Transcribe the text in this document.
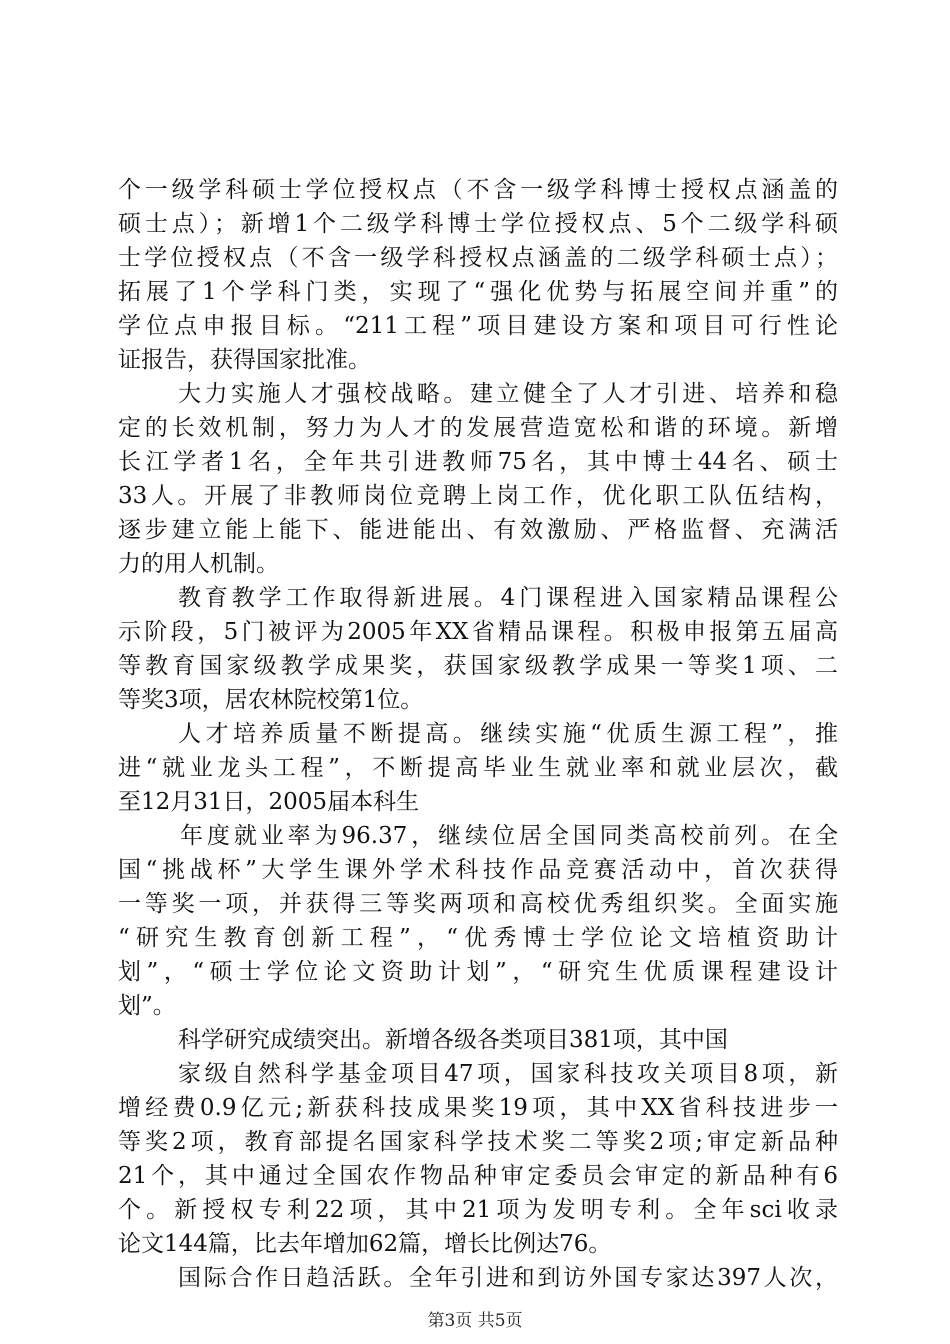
个一级学科硕士学位授权点（不含一级学科博士授权点涵盖的
硕士点）；新增1个二级学科博士学位授权点、5个二级学科硕
士学位授权点（不含一级学科授权点涵盖的二级学科硕士点）；
拓展了1个学科门类，实现了“强化优势与拓展空间并重”的
学位点申报目标。“211工程”项目建设方案和项目可行性论
证报告，获得国家批准。
大力实施人才强校战略。建立健全了人才引进、培养和稳
定的长效机制，努力为人才的发展营造宽松和谐的环境。新增
长江学者1名，全年共引进教师75名，其中博士44名、硕士
33人。开展了非教师岗位竞聘上岗工作，优化职工队伍结构，
逐步建立能上能下、能进能出、有效激励、严格监督、充满活
力的用人机制。
教育教学工作取得新进展。4门课程进入国家精品课程公
示阶段，5门被评为2005年XX省精品课程。积极申报第五届高
等教育国家级教学成果奖，获国家级教学成果一等奖1项、二
等奖3项，居农林院校第1位。
人才培养质量不断提高。继续实施“优质生源工程”，推
进“就业龙头工程”，不断提高毕业生就业率和就业层次，截
至12月31日，2005届本科生
年度就业率为96.37，继续位居全国同类高校前列。在全
国“挑战杯”大学生课外学术科技作品竞赛活动中，首次获得
一等奖一项，并获得三等奖两项和高校优秀组织奖。全面实施
“研究生教育创新工程”，“优秀博士学位论文培植资助计
划”，“硕士学位论文资助计划”，“研究生优质课程建设计
划”。
科学研究成绩突出。新增各级各类项目381项，其中国
家级自然科学基金项目47项，国家科技攻关项目8项，新
增经费0.9亿元;新获科技成果奖19项，其中XX省科技进步一
等奖2项，教育部提名国家科学技术奖二等奖2项;审定新品种
21个，其中通过全国农作物品种审定委员会审定的新品种有6
个。新授权专利22项，其中21项为发明专利。全年sci收录
论文144篇，比去年增加62篇，增长比例达76。
国际合作日趋活跃。全年引进和到访外国专家达397人次，
第3页 共5页
